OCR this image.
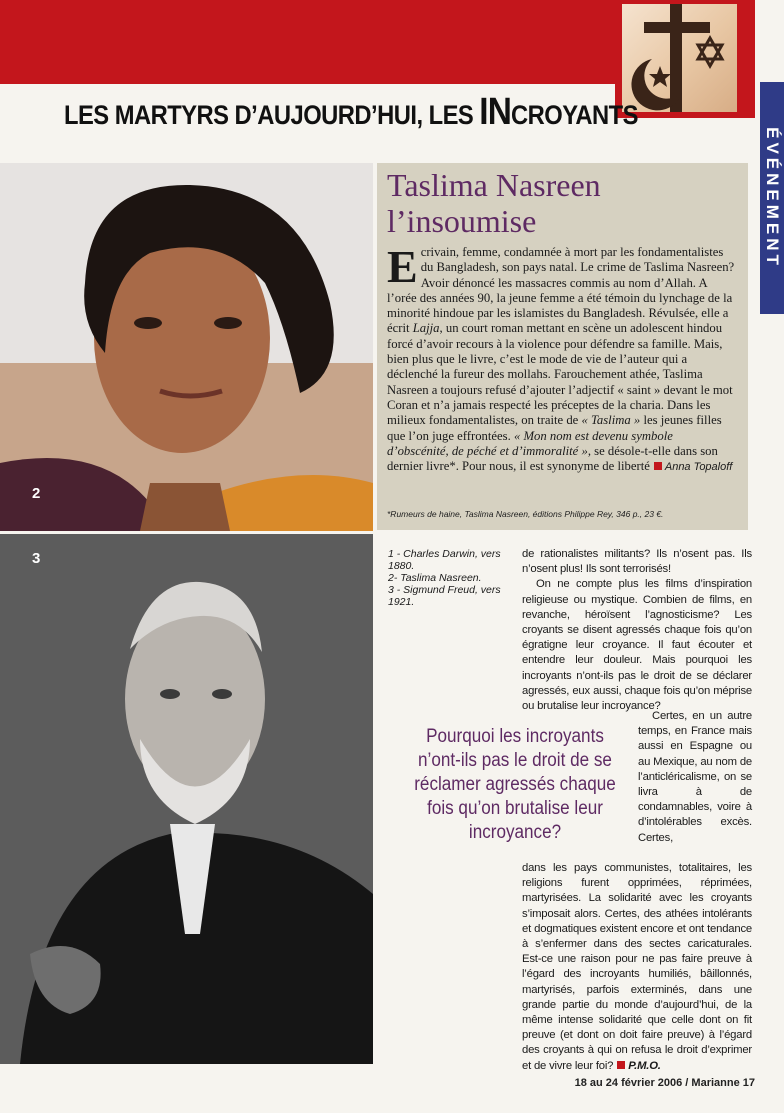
LES MARTYRS D’AUJOURD’HUI, LES INCROYANTS
ÉVÉNEMENT
2
3
Taslima Nasreen l’insoumise
Ecrivain, femme, condamnée à mort par les fondamentalistes du Bangladesh, son pays natal. Le crime de Taslima Nasreen? Avoir dénoncé les massacres commis au nom d’Allah. A l’orée des années 90, la jeune femme a été témoin du lynchage de la minorité hindoue par les islamistes du Bangladesh. Révulsée, elle a écrit Lajja, un court roman mettant en scène un adolescent hindou forcé d’avoir recours à la violence pour défendre sa famille. Mais, bien plus que le livre, c’est le mode de vie de l’auteur qui a déclenché la fureur des mollahs. Farouchement athée, Taslima Nasreen a toujours refusé d’ajouter l’adjectif « saint » devant le mot Coran et n’a jamais respecté les préceptes de la charia. Dans les milieux fondamentalistes, on traite de « Taslima » les jeunes filles que l’on juge effrontées. « Mon nom est devenu symbole d’obscénité, de péché et d’immoralité », se désole-t-elle dans son dernier livre*. Pour nous, il est synonyme de liberté Anna Topaloff
*Rumeurs de haine, Taslima Nasreen, éditions Philippe Rey, 346 p., 23 €.
1 - Charles Darwin, vers 1880.
2- Taslima Nasreen.
3 - Sigmund Freud, vers 1921.
de rationalistes militants? Ils n’osent pas. Ils n’osent plus! Ils sont terrorisés!
On ne compte plus les films d’inspiration religieuse ou mystique. Combien de films, en revanche, héroïsent l’agnosticisme? Les croyants se disent agressés chaque fois qu’on égratigne leur croyance. Il faut écouter et entendre leur douleur. Mais pourquoi les incroyants n’ont-ils pas le droit de se déclarer agressés, eux aussi, chaque fois qu’on méprise ou brutalise leur incroyance?
Pourquoi les incroyants n’ont-ils pas le droit de se réclamer agressés chaque fois qu’on brutalise leur incroyance?
Certes, en un autre temps, en France mais aussi en Espagne ou au Mexique, au nom de l’anticléricalisme, on se livra à de condamnables, voire à d’intolérables excès. Certes,
dans les pays communistes, totalitaires, les religions furent opprimées, réprimées, martyrisées. La solidarité avec les croyants s’imposait alors. Certes, des athées intolérants et dogmatiques existent encore et ont tendance à s’enfermer dans des sectes caricaturales. Est-ce une raison pour ne pas faire preuve à l’égard des incroyants humiliés, bâillonnés, martyrisés, parfois exterminés, dans une grande partie du monde d’aujourd’hui, de la même intense solidarité que celle dont on fit preuve (et dont on doit faire preuve) à l’égard des croyants à qui on refusa le droit d’exprimer et de vivre leur foi? P.M.O.
18 au 24 février 2006 / Marianne 17
